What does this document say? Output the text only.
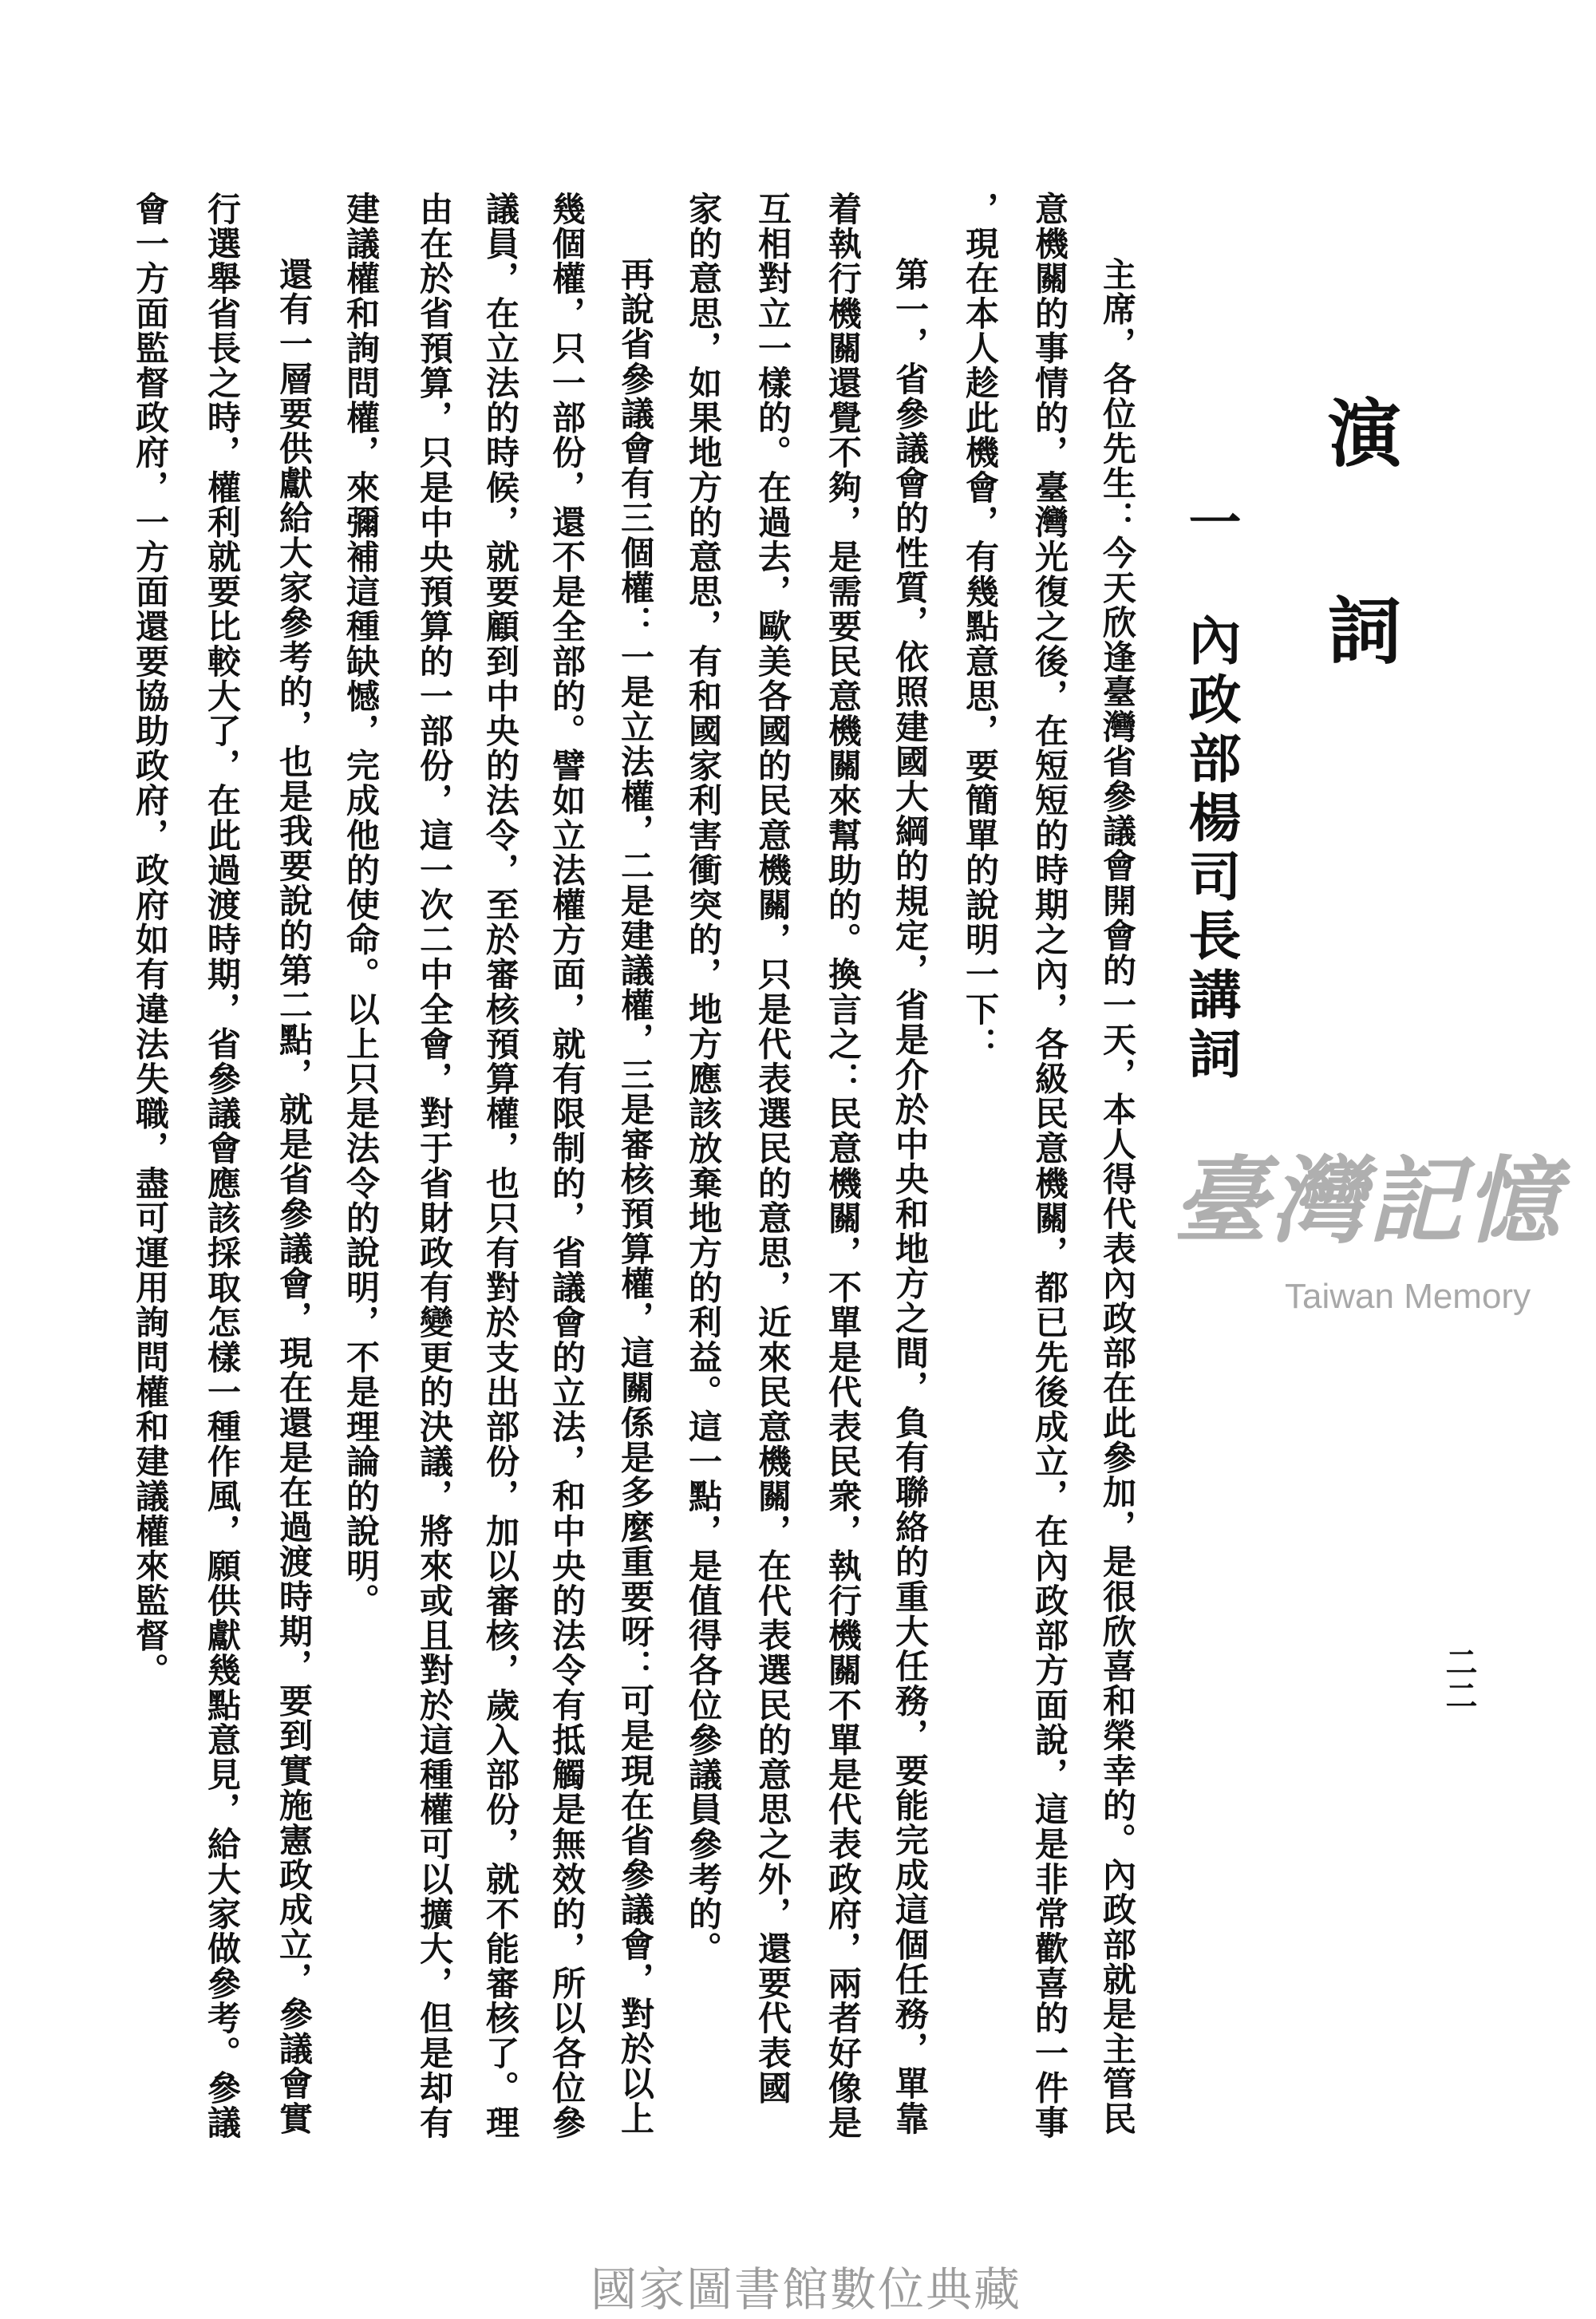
演
詞
一　內政部楊司長講詞
主席，各位先生：今天欣逢臺灣省參議會開會的一天，本人得代表內政部在此參加，是很欣喜和榮幸的。內政部就是主管民
意機關的事情的，臺灣光復之後，在短短的時期之內，各級民意機關，都已先後成立，在內政部方面說，這是非常歡喜的一件事
，現在本人趁此機會，有幾點意思，要簡單的說明一下：
第一，省參議會的性質，依照建國大綱的規定，省是介於中央和地方之間，負有聯絡的重大任務，要能完成這個任務，單靠
着執行機關還覺不夠，是需要民意機關來幫助的。換言之：民意機關，不單是代表民衆，執行機關不單是代表政府，兩者好像是
互相對立一樣的。在過去，歐美各國的民意機關，只是代表選民的意思，近來民意機關，在代表選民的意思之外，還要代表國
家的意思，如果地方的意思，有和國家利害衝突的，地方應該放棄地方的利益。這一點，是值得各位參議員參考的。
再說省參議會有三個權：一是立法權，二是建議權，三是審核預算權，這關係是多麼重要呀：可是現在省參議會，對於以上
幾個權，只一部份，還不是全部的。譬如立法權方面，就有限制的，省議會的立法，和中央的法令有抵觸是無效的，所以各位參
議員，在立法的時候，就要顧到中央的法令，至於審核預算權，也只有對於支出部份，加以審核，歲入部份，就不能審核了。理
由在於省預算，只是中央預算的一部份，這一次二中全會，對于省財政有變更的決議，將來或且對於這種權可以擴大，但是却有
建議權和詢問權，來彌補這種缺憾，完成他的使命。以上只是法令的說明，不是理論的說明。
還有一層要供獻給大家參考的，也是我要說的第二點，就是省參議會，現在還是在過渡時期，要到實施憲政成立，參議會實
行選舉省長之時，權利就要比較大了，在此過渡時期，省參議會應該採取怎樣一種作風，願供獻幾點意見，給大家做參考。參議
會一方面監督政府，一方面還要協助政府，政府如有違法失職，盡可運用詢問權和建議權來監督。	二二
臺灣記憶
Taiwan Memory
國家圖書館數位典藏
